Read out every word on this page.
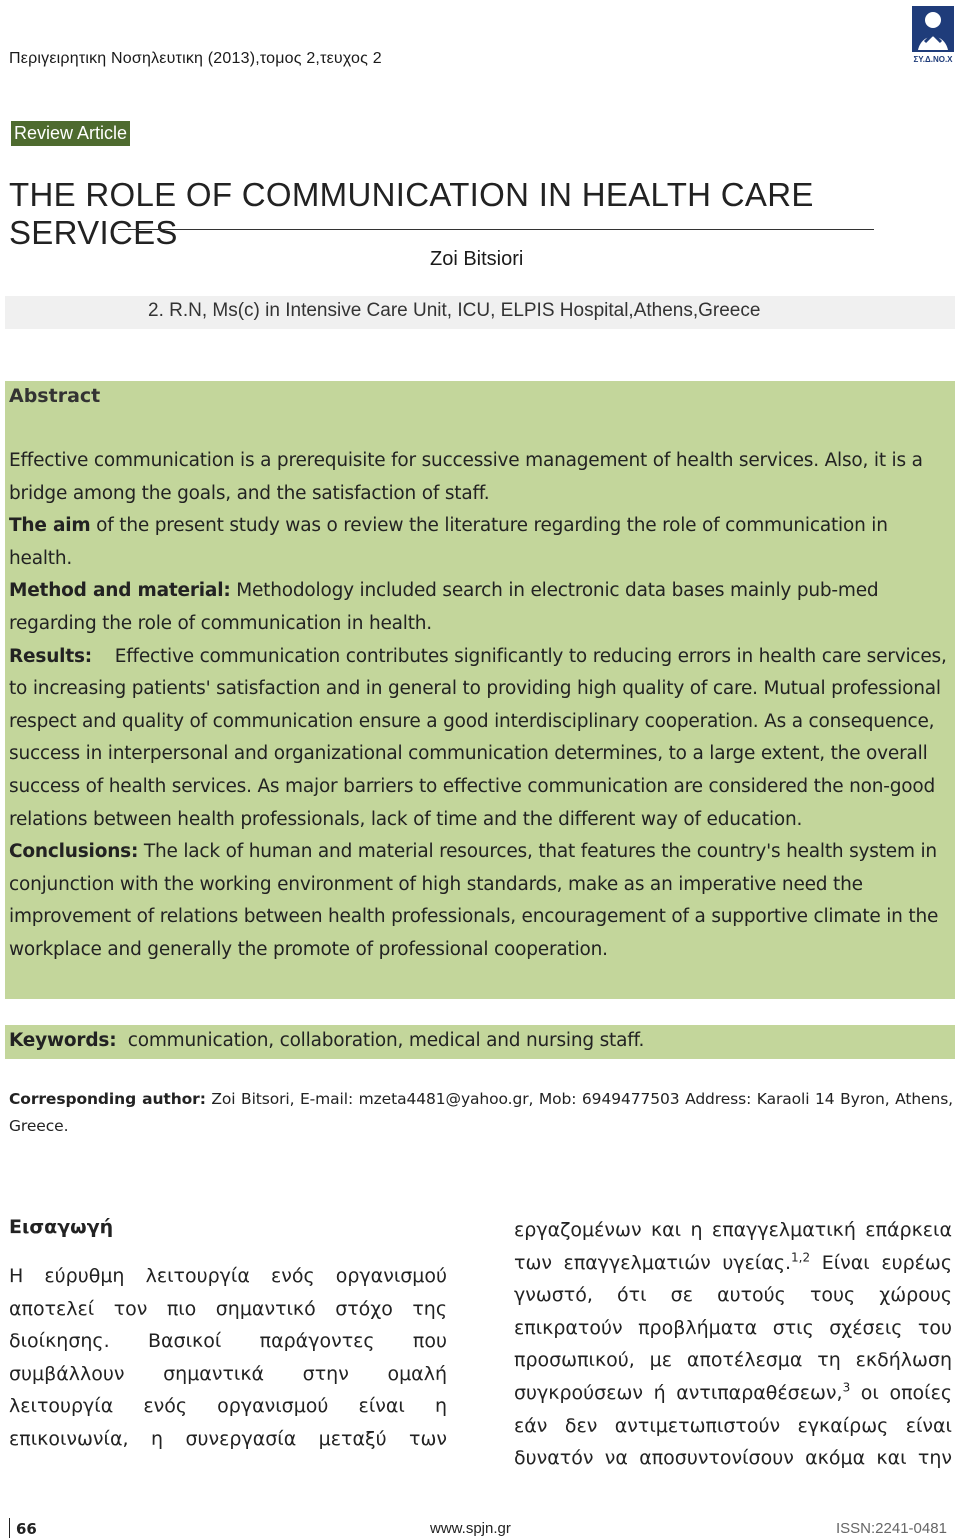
Περιγειρητικη Νοσηλευτικη (2013),τομος 2,τευχος 2	ΣΥ.Δ.ΝΟ.Χ
Review Article
THE ROLE OF COMMUNICATION IN HEALTH CARE SERVICES
Zoi Bitsiori
2. R.N, Ms(c) in Intensive Care Unit, ICU, ELPIS Hospital,Athens,Greece
Abstract

Effective communication is a prerequisite for successive management of health services. Also, it is a bridge among the goals, and the satisfaction of staff.

The aim of the present study was o review the literature regarding the role of communication in health.

Method and material: Methodology included search in electronic data bases mainly pub-med regarding the role of communication in health.

Results:    Effective communication contributes significantly to reducing errors in health care services, to increasing patients' satisfaction and in general to providing high quality of care. Mutual professional respect and quality of communication ensure a good interdisciplinary cooperation. As a consequence, success in interpersonal and organizational communication determines, to a large extent, the overall success of health services. As major barriers to effective communication are considered the non-good relations between health professionals, lack of time and the different way of education.

Conclusions: The lack of human and material resources, that features the country's health system in conjunction with the working environment of high standards, make as an imperative need the improvement of relations between health professionals, encouragement of a supportive climate in the workplace and generally the promote of professional cooperation.

Keywords:  communication, collaboration, medical and nursing staff.
Corresponding author: Zoi Bitsori, E-mail: mzeta4481@yahoo.gr, Mob: 6949477503 Address: Karaoli 14 Byron, Athens, Greece.
Εισαγωγή

Η εύρυθμη λειτουργία ενός οργανισμού αποτελεί τον πιο σημαντικό στόχο της διοίκησης. Βασικοί παράγοντες που συμβάλλουν σημαντικά στην ομαλή λειτουργία ενός οργανισμού είναι η επικοινωνία, η συνεργασία μεταξύ των

εργαζομένων και η επαγγελματική επάρκεια των επαγγελματιών υγείας.$^{1,2}$ Είναι ευρέως γνωστό, ότι σε αυτούς τους χώρους επικρατούν προβλήματα στις σχέσεις του προσωπικού, με αποτέλεσμα τη εκδήλωση συγκρούσεων ή αντιπαραθέσεων,$^3$ οι οποίες εάν δεν αντιμετωπιστούν εγκαίρως είναι δυνατόν να αποσυντονίσουν ακόμα και την

66	www.spjn.gr	ISSN:2241-0481
